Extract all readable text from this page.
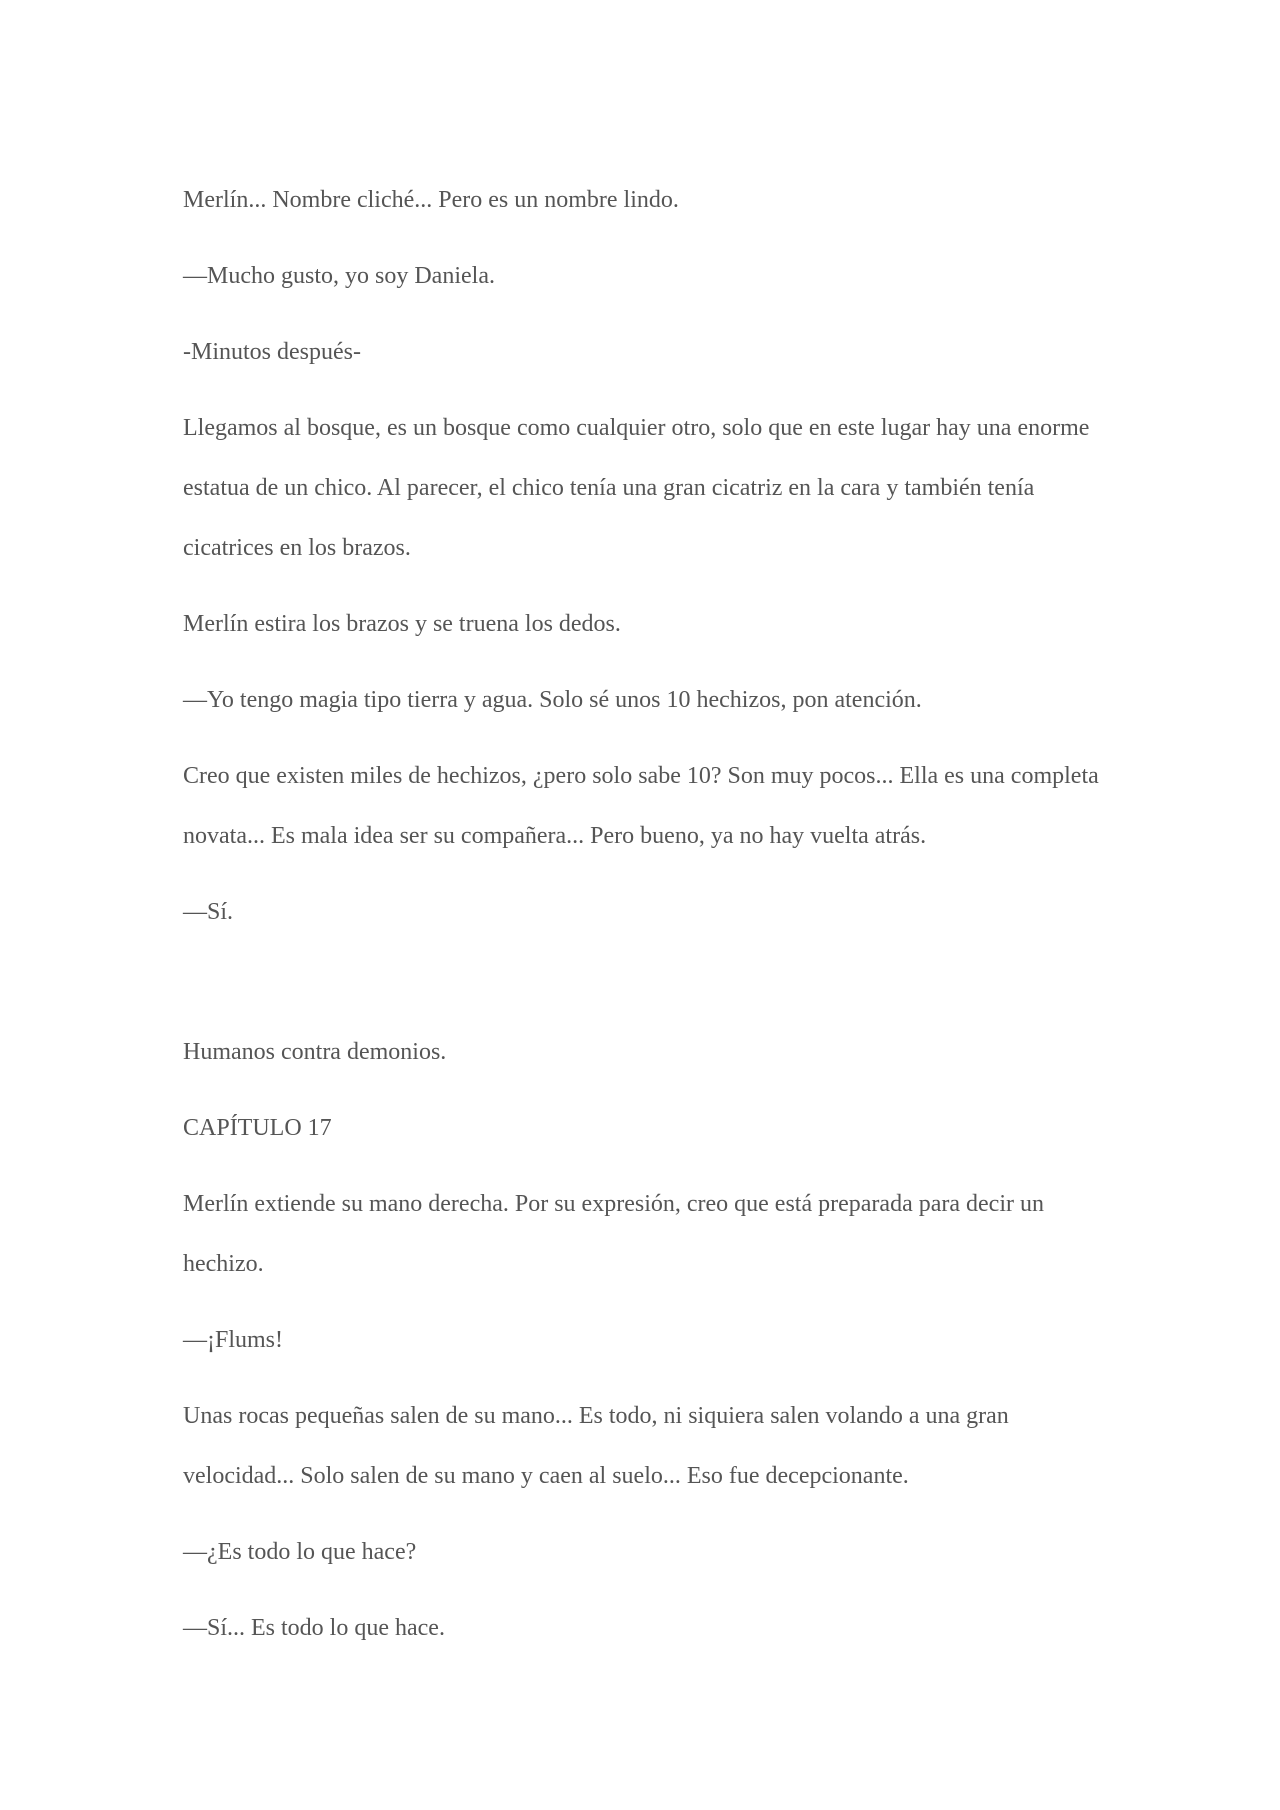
Merlín... Nombre cliché... Pero es un nombre lindo.

—Mucho gusto, yo soy Daniela.

-Minutos después-

Llegamos al bosque, es un bosque como cualquier otro, solo que en este lugar hay una enorme estatua de un chico. Al parecer, el chico tenía una gran cicatriz en la cara y también tenía cicatrices en los brazos.

Merlín estira los brazos y se truena los dedos.

—Yo tengo magia tipo tierra y agua. Solo sé unos 10 hechizos, pon atención.

Creo que existen miles de hechizos, ¿pero solo sabe 10? Son muy pocos... Ella es una completa novata... Es mala idea ser su compañera... Pero bueno, ya no hay vuelta atrás.

—Sí.

Humanos contra demonios.

CAPÍTULO 17

Merlín extiende su mano derecha. Por su expresión, creo que está preparada para decir un hechizo.

—¡Flums!

Unas rocas pequeñas salen de su mano... Es todo, ni siquiera salen volando a una gran velocidad... Solo salen de su mano y caen al suelo... Eso fue decepcionante.

—¿Es todo lo que hace?

—Sí... Es todo lo que hace.
